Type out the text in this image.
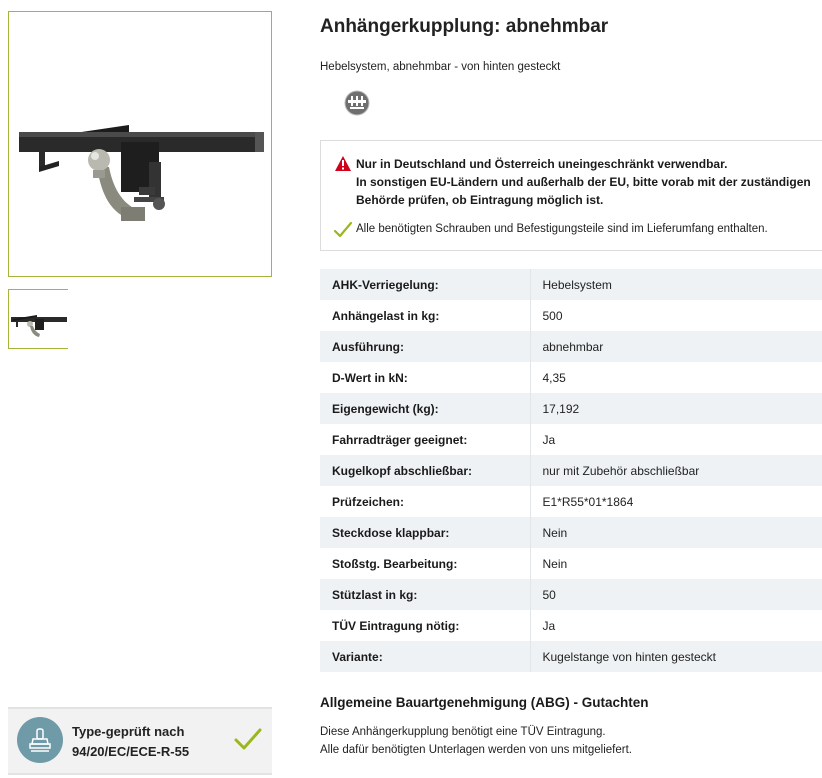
Type-geprüft nach
94/20/EC/ECE-R-55
Anhängerkupplung: abnehmbar
Hebelsystem, abnehmbar - von hinten gesteckt
Nur in Deutschland und Österreich uneingeschränkt verwendbar.
In sonstigen EU-Ländern und außerhalb der EU, bitte vorab mit der zuständigen
Behörde prüfen, ob Eintragung möglich ist.
Alle benötigten Schrauben und Befestigungsteile sind im Lieferumfang enthalten.
AHK-Verriegelung:	Hebelsystem
Anhängelast in kg:	500
Ausführung:	abnehmbar
D-Wert in kN:	4,35
Eigengewicht (kg):	17,192
Fahrradträger geeignet:	Ja
Kugelkopf abschließbar:	nur mit Zubehör abschließbar
Prüfzeichen:	E1*R55*01*1864
Steckdose klappbar:	Nein
Stoßstg. Bearbeitung:	Nein
Stützlast in kg:	50
TÜV Eintragung nötig:	Ja
Variante:	Kugelstange von hinten gesteckt
Allgemeine Bauartgenehmigung (ABG) - Gutachten
Diese Anhängerkupplung benötigt eine TÜV Eintragung.
Alle dafür benötigten Unterlagen werden von uns mitgeliefert.
